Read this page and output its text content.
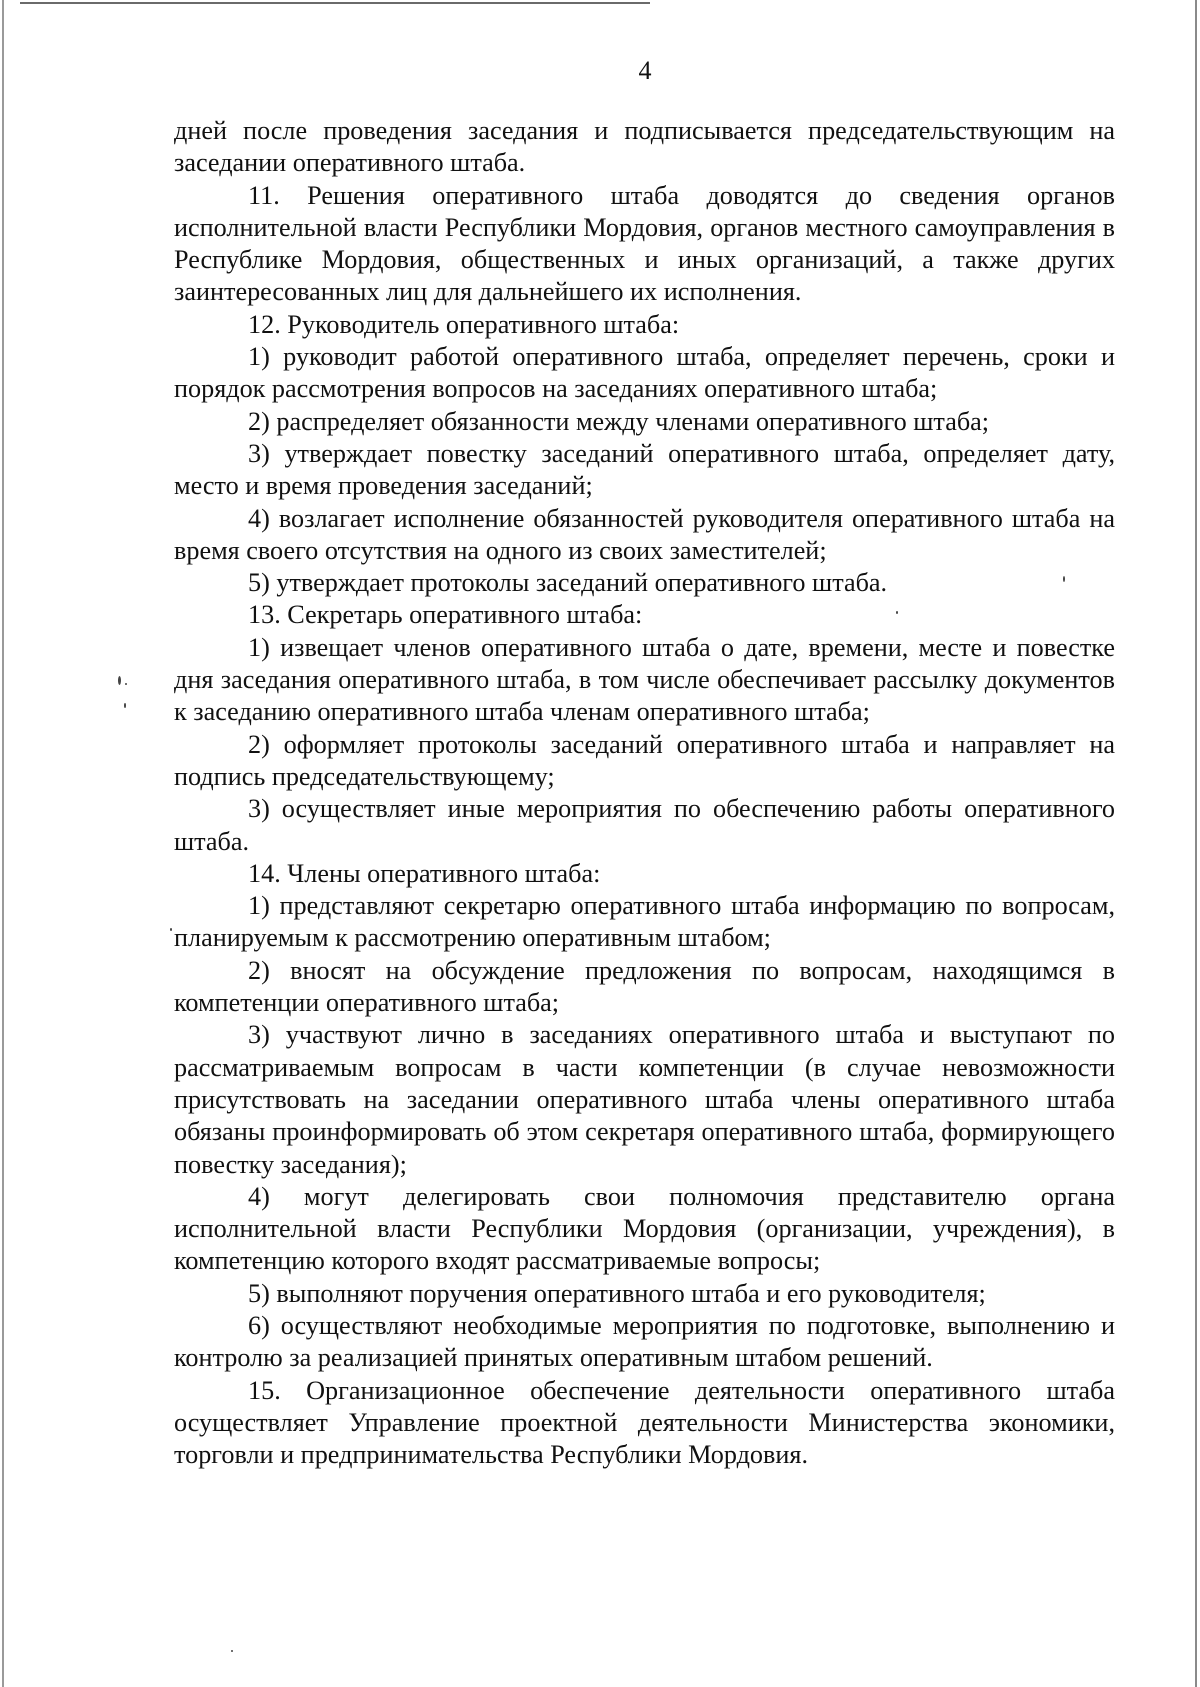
4

дней после проведения заседания и подписывается председательствующим на заседании оперативного штаба.

11. Решения оперативного штаба доводятся до сведения органов исполнительной власти Республики Мордовия, органов местного самоуправления в Республике Мордовия, общественных и иных организаций, а также других заинтересованных лиц для дальнейшего их исполнения.

12. Руководитель оперативного штаба:

1) руководит работой оперативного штаба, определяет перечень, сроки и порядок рассмотрения вопросов на заседаниях оперативного штаба;

2) распределяет обязанности между членами оперативного штаба;

3) утверждает повестку заседаний оперативного штаба, определяет дату, место и время проведения заседаний;

4) возлагает исполнение обязанностей руководителя оперативного штаба на время своего отсутствия на одного из своих заместителей;

5) утверждает протоколы заседаний оперативного штаба.

13. Секретарь оперативного штаба:

1) извещает членов оперативного штаба о дате, времени, месте и повестке дня заседания оперативного штаба, в том числе обеспечивает рассылку документов к заседанию оперативного штаба членам оперативного штаба;

2) оформляет протоколы заседаний оперативного штаба и направляет на подпись председательствующему;

3) осуществляет иные мероприятия по обеспечению работы оперативного штаба.

14. Члены оперативного штаба:

1) представляют секретарю оперативного штаба информацию по вопросам, планируемым к рассмотрению оперативным штабом;

2) вносят на обсуждение предложения по вопросам, находящимся в компетенции оперативного штаба;

3) участвуют лично в заседаниях оперативного штаба и выступают по рассматриваемым вопросам в части компетенции (в случае невозможности присутствовать на заседании оперативного штаба члены оперативного штаба обязаны проинформировать об этом секретаря оперативного штаба, формирующего повестку заседания);

4) могут делегировать свои полномочия представителю органа исполнительной власти Республики Мордовия (организации, учреждения), в компетенцию которого входят рассматриваемые вопросы;

5) выполняют поручения оперативного штаба и его руководителя;

6) осуществляют необходимые мероприятия по подготовке, выполнению и контролю за реализацией принятых оперативным штабом решений.

15. Организационное обеспечение деятельности оперативного штаба осуществляет Управление проектной деятельности Министерства экономики, торговли и предпринимательства Республики Мордовия.
